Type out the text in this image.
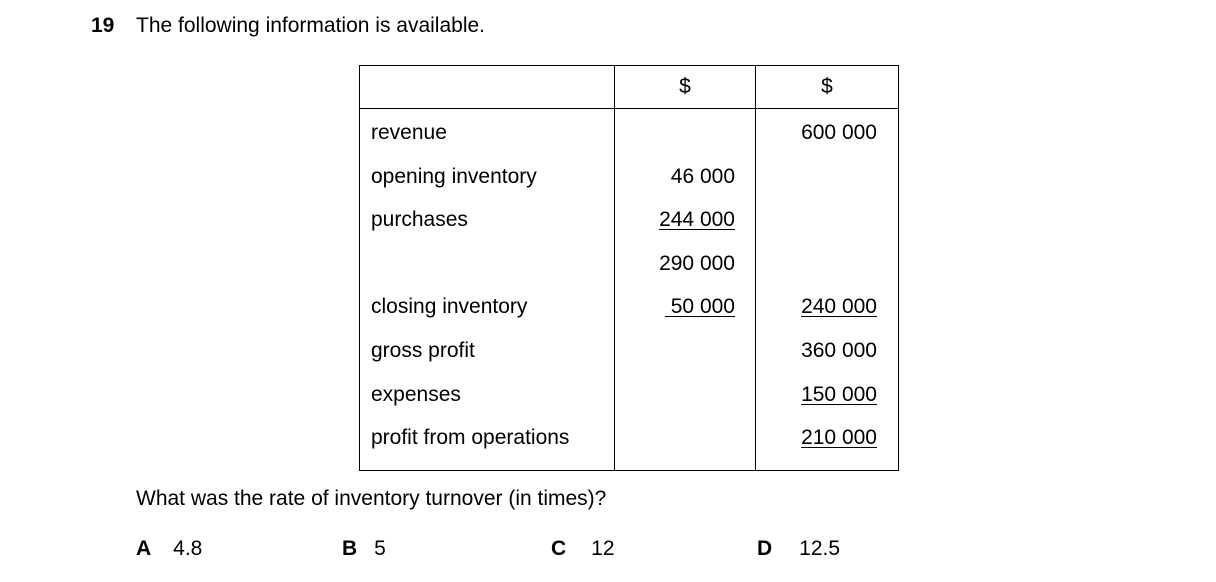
19 The following information is available.
	$	$
revenue		600 000
opening inventory	46 000	
purchases	244 000	
	290 000	
closing inventory	50 000	240 000
gross profit		360 000
expenses		150 000
profit from operations		210 000
What was the rate of inventory turnover (in times)?
A 4.8	B 5	C 12	D 12.5
